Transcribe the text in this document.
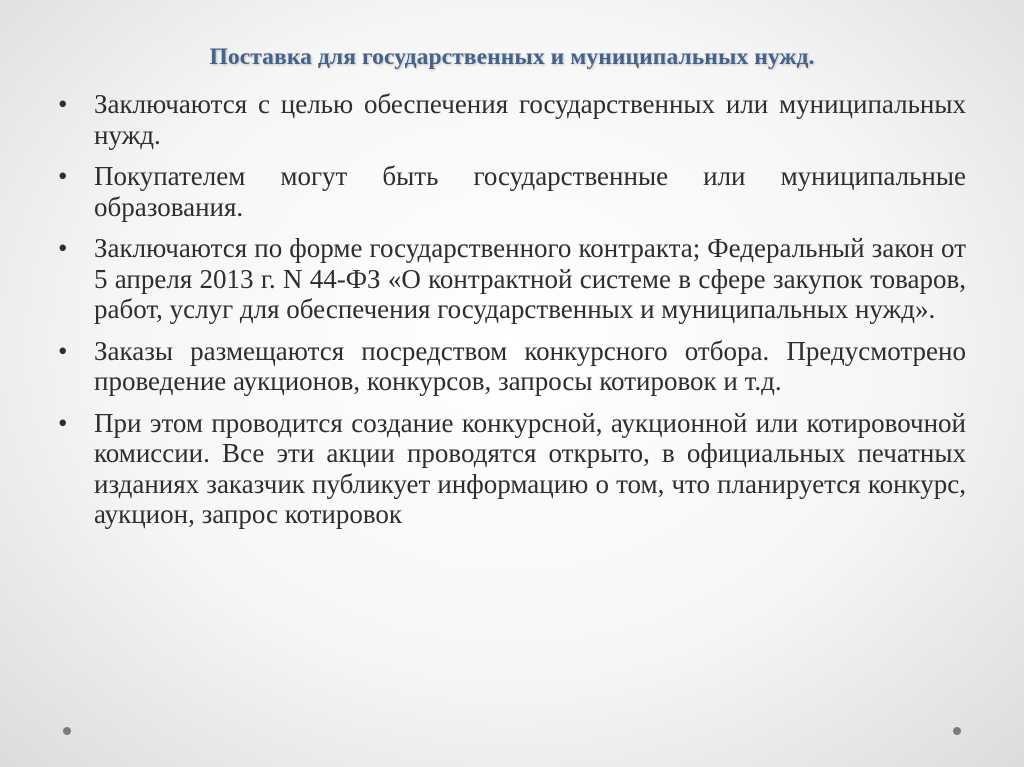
Поставка для государственных и муниципальных нужд.
• Заключаются с целью обеспечения государственных или муниципальных нужд.
• Покупателем могут быть государственные или муниципальные образования.
• Заключаются по форме государственного контракта; Федеральный закон от 5 апреля 2013 г. N 44-ФЗ «О контрактной системе в сфере закупок товаров, работ, услуг для обеспечения государственных и муниципальных нужд».
• Заказы размещаются посредством конкурсного отбора. Предусмотрено проведение аукционов, конкурсов, запросы котировок и т.д.
• При этом проводится создание конкурсной, аукционной или котировочной комиссии. Все эти акции проводятся открыто, в официальных печатных изданиях заказчик публикует информацию о том, что планируется конкурс, аукцион, запрос котировок
